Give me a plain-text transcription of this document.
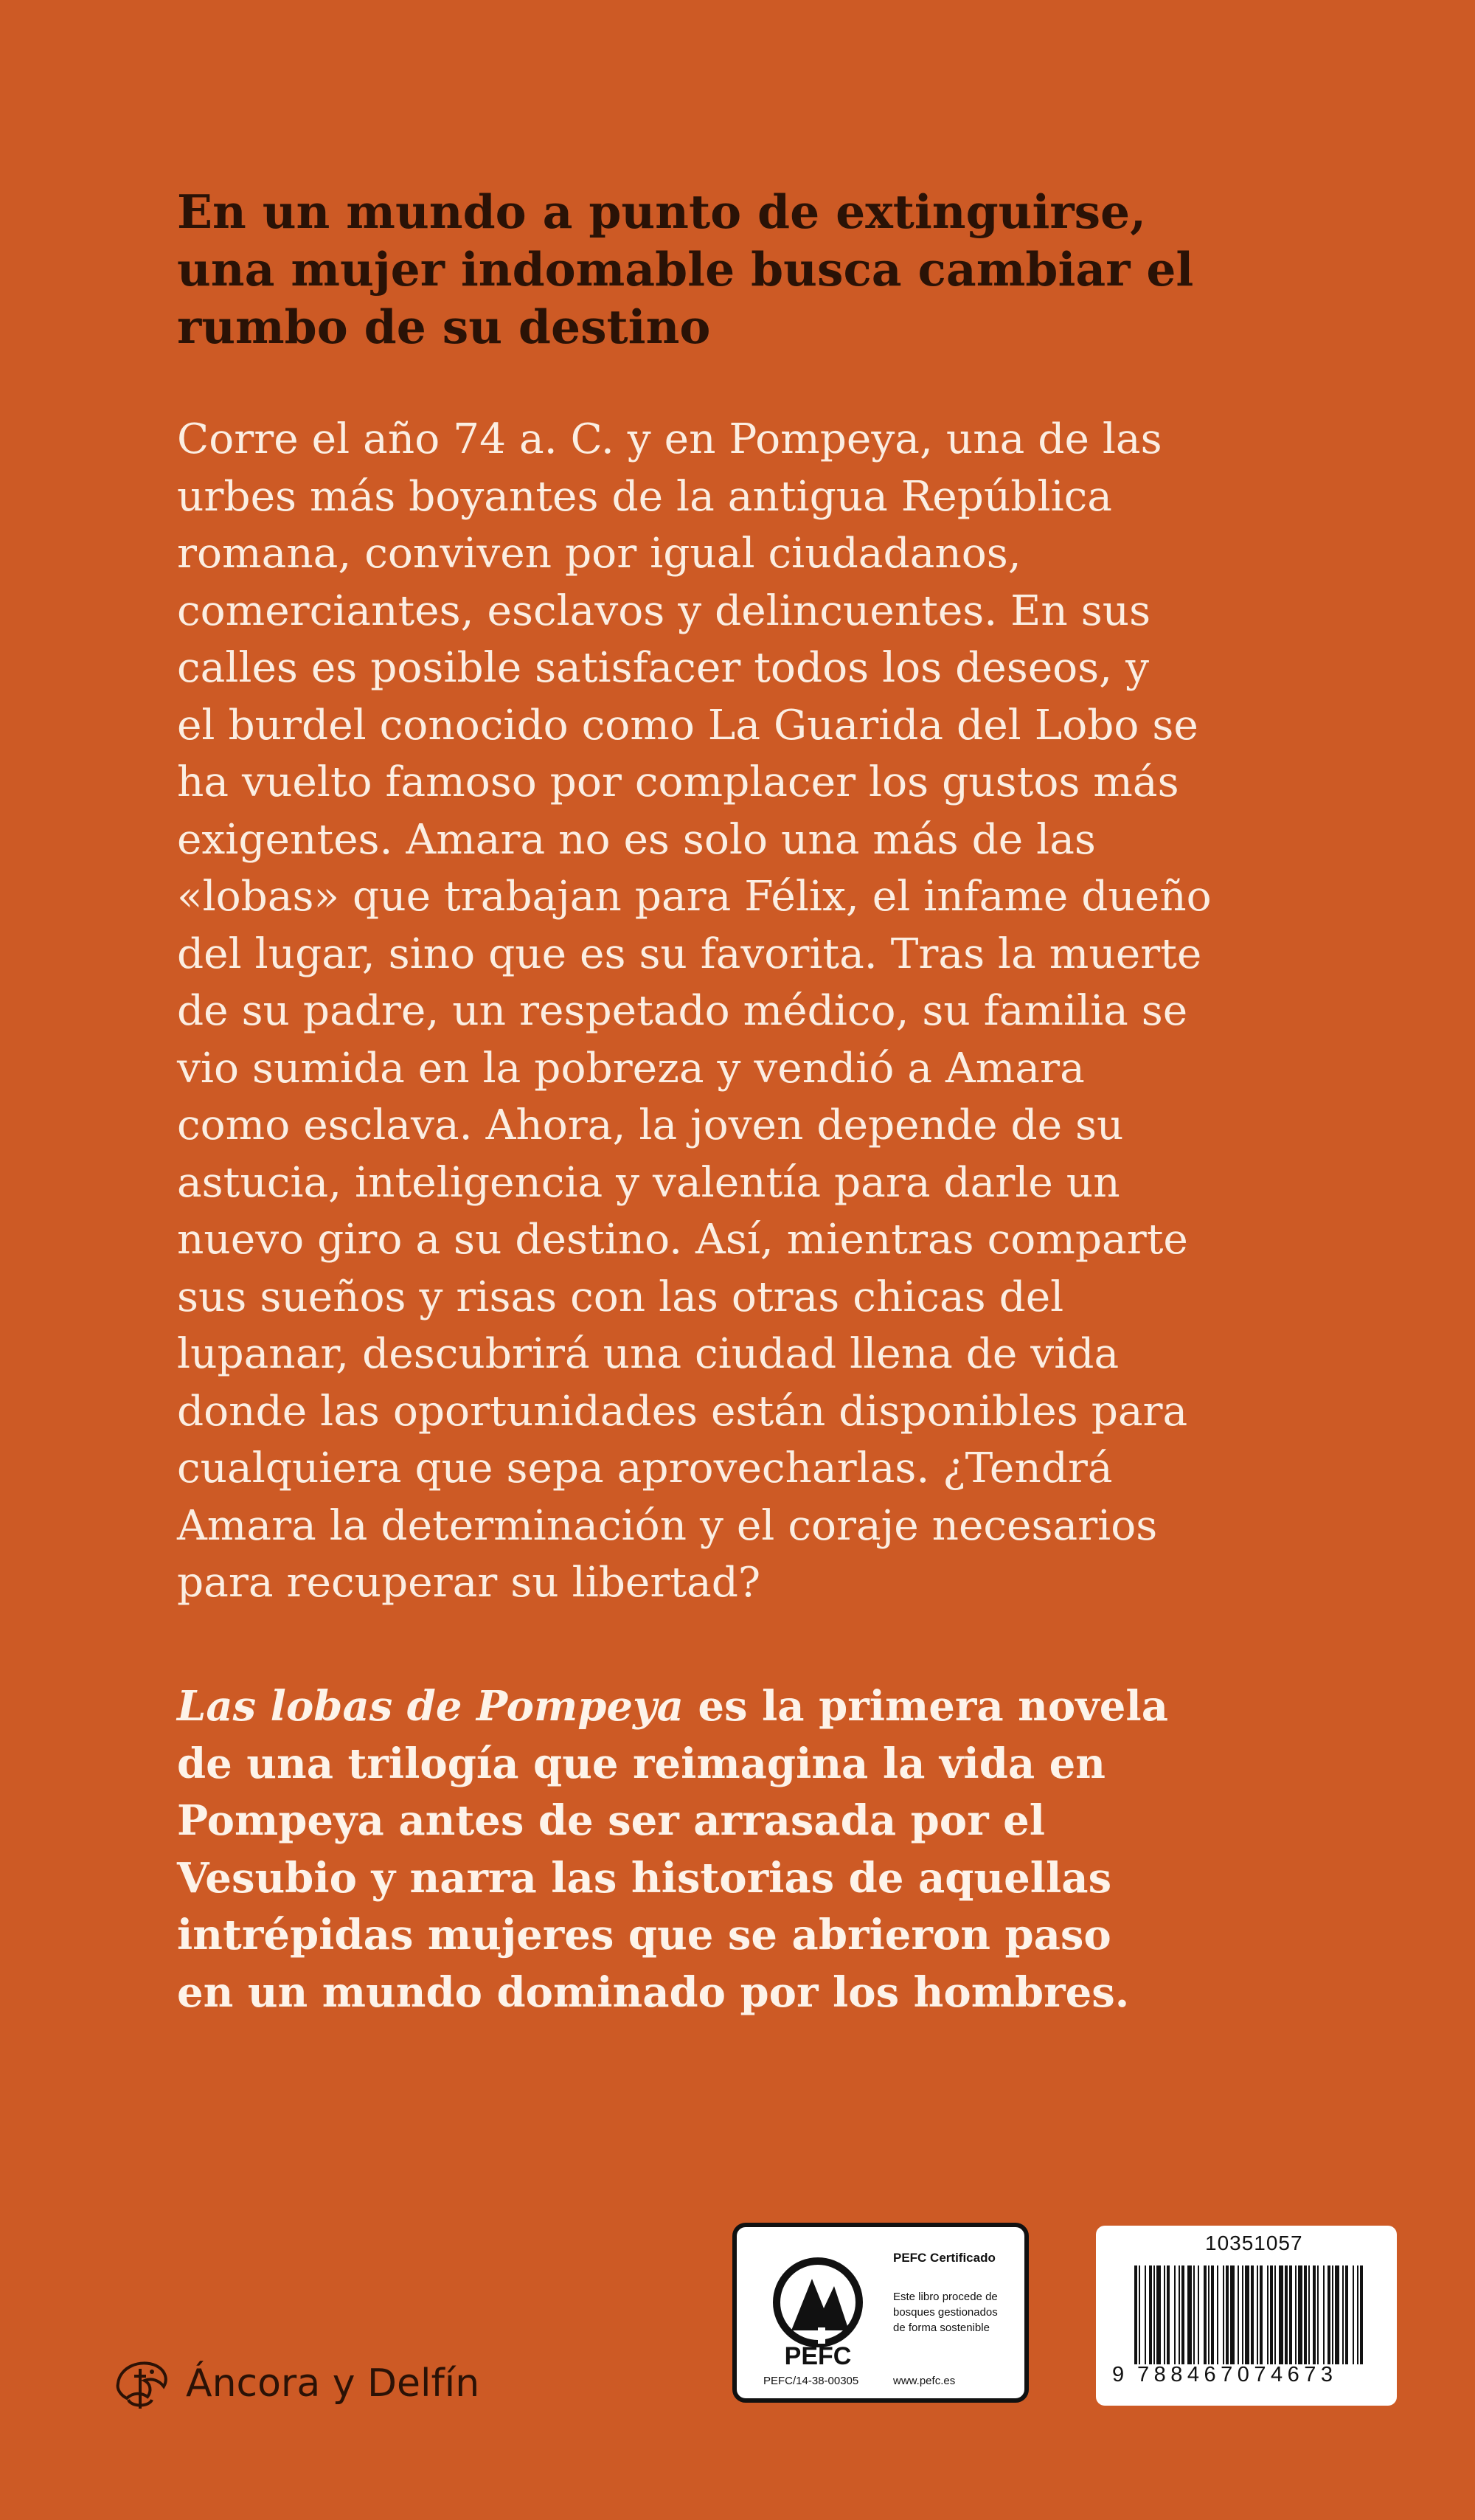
En un mundo a punto de extinguirse,
una mujer indomable busca cambiar el
rumbo de su destino
Corre el año 74 a. C. y en Pompeya, una de las
urbes más boyantes de la antigua República
romana, conviven por igual ciudadanos,
comerciantes, esclavos y delincuentes. En sus
calles es posible satisfacer todos los deseos, y
el burdel conocido como La Guarida del Lobo se
ha vuelto famoso por complacer los gustos más
exigentes. Amara no es solo una más de las
«lobas» que trabajan para Félix, el infame dueño
del lugar, sino que es su favorita. Tras la muerte
de su padre, un respetado médico, su familia se
vio sumida en la pobreza y vendió a Amara
como esclava. Ahora, la joven depende de su
astucia, inteligencia y valentía para darle un
nuevo giro a su destino. Así, mientras comparte
sus sueños y risas con las otras chicas del
lupanar, descubrirá una ciudad llena de vida
donde las oportunidades están disponibles para
cualquiera que sepa aprovecharlas. ¿Tendrá
Amara la determinación y el coraje necesarios
para recuperar su libertad?
Las lobas de Pompeya es la primera novela
de una trilogía que reimagina la vida en
Pompeya antes de ser arrasada por el
Vesubio y narra las historias de aquellas
intrépidas mujeres que se abrieron paso
en un mundo dominado por los hombres.
Áncora y Delfín
PEFC
PEFC Certificado
Este libro procede de
bosques gestionados
de forma sostenible
PEFC/14-38-00305	www.pefc.es
10351057
9 788467074673
